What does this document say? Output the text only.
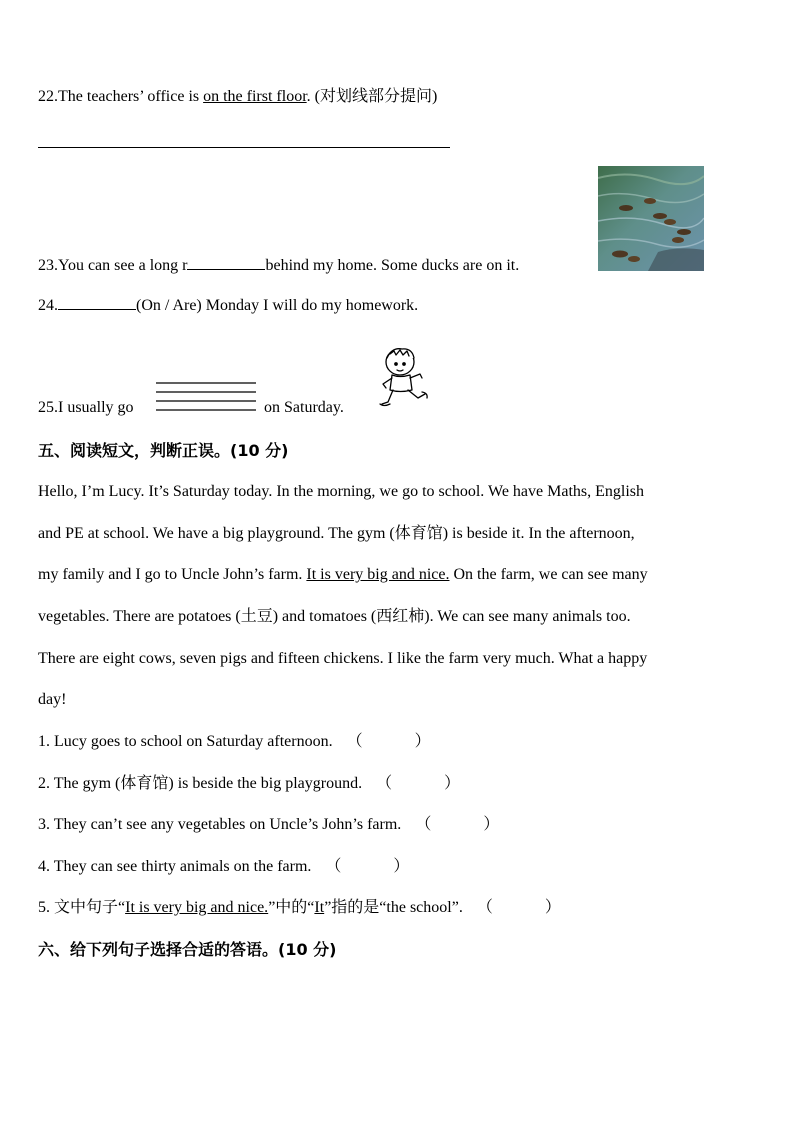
22.The teachers’ office is on the first floor. (对划线部分提问)
23.You can see a long r	behind my home. Some ducks are on it.
24.	(On / Are) Monday I will do my homework.
25.I usually go	on Saturday.
五、阅读短文，判断正误。(10 分)
Hello, I’m Lucy. It’s Saturday today. In the morning, we go to school. We have Maths, English
and PE at school. We have a big playground. The gym (体育馆) is beside it. In the afternoon,
my family and I go to Uncle John’s farm. It is very big and nice. On the farm, we can see many
vegetables. There are potatoes (土豆) and tomatoes (西红柿). We can see many animals too.
There are eight cows, seven pigs and fifteen chickens. I like the farm very much. What a happy
day!
1. Lucy goes to school on Saturday afternoon. （	）
2. The gym (体育馆) is beside the big playground. （	）
3. They can’t see any vegetables on Uncle’s John’s farm. （	）
4. They can see thirty animals on the farm. （	）
5. 文中句子“It is very big and nice.”中的“It”指的是“the school”. （	）
六、给下列句子选择合适的答语。(10 分)
